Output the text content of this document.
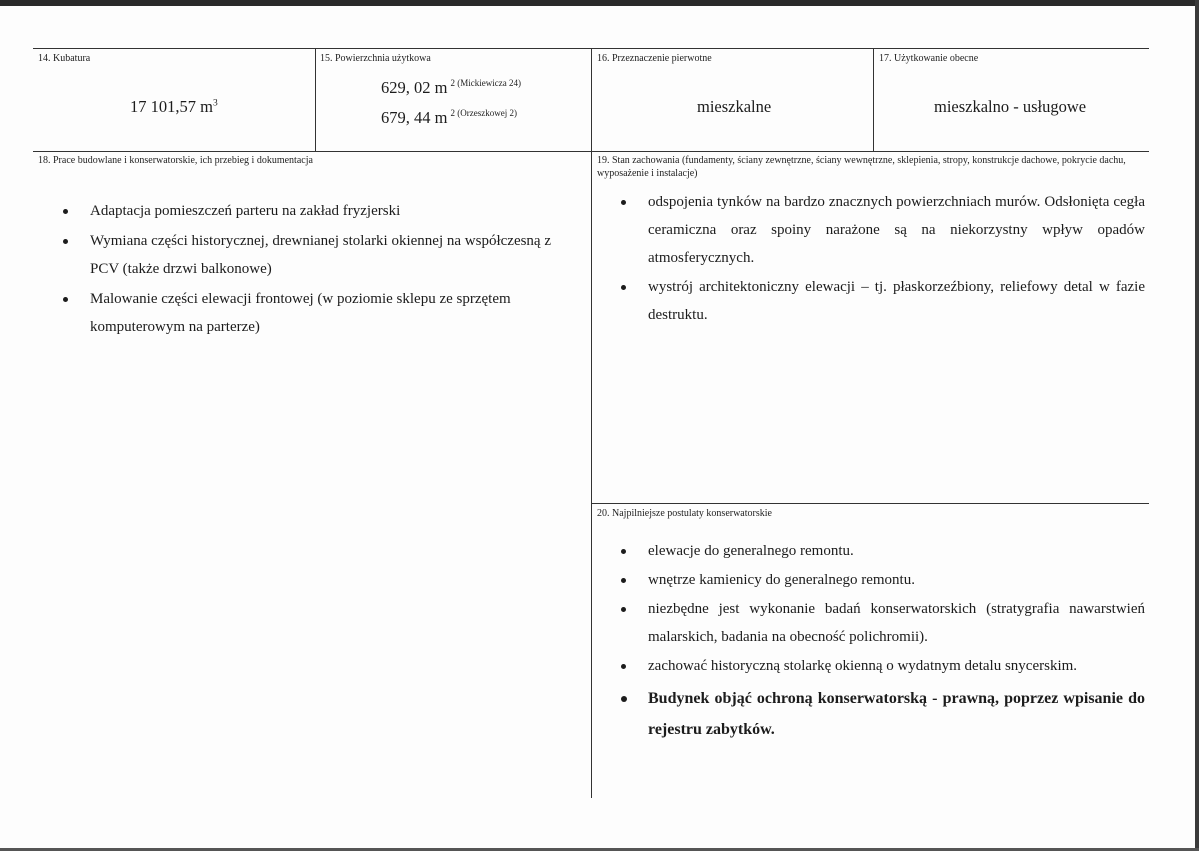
14. Kubatura
17 101,57 $m^3$
15. Powierzchnia użytkowa
629, 02 m $^{2 (Mickiewicza 24)}$
679, 44 m $^{2 (Orzeszkowej 2)}$
16. Przeznaczenie pierwotne
mieszkalne
17. Użytkowanie obecne
mieszkalno - usługowe
18. Prace budowlane i konserwatorskie, ich przebieg i dokumentacja
Adaptacja pomieszczeń parteru na zakład fryzjerski
Wymiana części historycznej, drewnianej stolarki okiennej na współczesną z PCV (także drzwi balkonowe)
Malowanie części elewacji frontowej (w poziomie sklepu ze sprzętem komputerowym na parterze)
19. Stan zachowania (fundamenty, ściany zewnętrzne, ściany wewnętrzne, sklepienia, stropy, konstrukcje dachowe, pokrycie dachu, wyposażenie i instalacje)
odspojenia tynków na bardzo znacznych powierzchniach murów. Odsłonięta cegła ceramiczna oraz spoiny narażone są na niekorzystny wpływ opadów atmosferycznych.
wystrój architektoniczny elewacji – tj. płaskorzeźbiony, reliefowy detal w fazie destruktu.
20. Najpilniejsze postulaty konserwatorskie
elewacje do generalnego remontu.
wnętrze kamienicy do generalnego remontu.
niezbędne jest wykonanie badań konserwatorskich (stratygrafia nawarstwień malarskich, badania na obecność polichromii).
zachować historyczną stolarkę okienną o wydatnym detalu snycerskim.
Budynek objąć ochroną konserwatorską - prawną, poprzez wpisanie do rejestru zabytków.
